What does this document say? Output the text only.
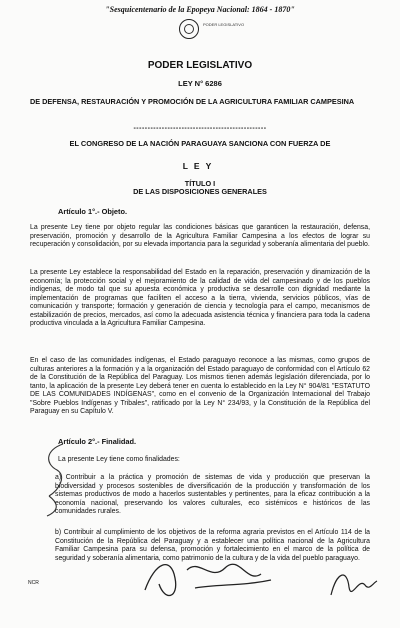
"Sesquicentenario de la Epopeya Nacional: 1864 - 1870"
PODER LEGISLATIVO
PODER LEGISLATIVO
LEY N° 6286
DE DEFENSA, RESTAURACIÓN Y PROMOCIÓN DE LA AGRICULTURA FAMILIAR CAMPESINA
-----------------------------------------------
EL CONGRESO DE LA NACIÓN PARAGUAYA SANCIONA CON FUERZA DE
LEY
TÍTULO I
DE LAS DISPOSICIONES GENERALES
Artículo 1°.- Objeto.
La presente Ley tiene por objeto regular las condiciones básicas que garanticen la restauración, defensa, preservación, promoción y desarrollo de la Agricultura Familiar Campesina a los efectos de lograr su recuperación y consolidación, por su elevada importancia para la seguridad y soberanía alimentaria del pueblo.
La presente Ley establece la responsabilidad del Estado en la reparación, preservación y dinamización de la economía; la protección social y el mejoramiento de la calidad de vida del campesinado y de los pueblos indígenas, de modo tal que su apuesta económica y productiva se desarrolle con dignidad mediante la implementación de programas que faciliten el acceso a la tierra, vivienda, servicios públicos, vías de comunicación y transporte; formación y generación de ciencia y tecnología para el campo, mecanismos de estabilización de precios, mercados, así como la adecuada asistencia técnica y financiera para toda la cadena productiva vinculada a la Agricultura Familiar Campesina.
En el caso de las comunidades indígenas, el Estado paraguayo reconoce a las mismas, como grupos de culturas anteriores a la formación y a la organización del Estado paraguayo de conformidad con el Artículo 62 de la Constitución de la República del Paraguay. Los mismos tienen además legislación diferenciada, por lo tanto, la aplicación de la presente Ley deberá tener en cuenta lo establecido en la Ley N° 904/81 "ESTATUTO DE LAS COMUNIDADES INDÍGENAS", como en el convenio de la Organización Internacional del Trabajo "Sobre Pueblos Indígenas y Tribales", ratificado por la Ley N° 234/93, y la Constitución de la República del Paraguay en su Capítulo V.
Artículo 2°.- Finalidad.
La presente Ley tiene como finalidades:
a) Contribuir a la práctica y promoción de sistemas de vida y producción que preservan la biodiversidad y procesos sostenibles de diversificación de la producción y transformación de los sistemas productivos de modo a hacerlos sustentables y pertinentes, para la eficaz contribución a la economía nacional, preservando los valores culturales, eco sistémicos e históricos de las comunidades rurales.
b) Contribuir al cumplimiento de los objetivos de la reforma agraria previstos en el Artículo 114 de la Constitución de la República del Paraguay y a establecer una política nacional de la Agricultura Familiar Campesina para su defensa, promoción y fortalecimiento en el marco de la política de seguridad y soberanía alimentaria, como patrimonio de la cultura y de la vida del pueblo paraguayo.
NCR
